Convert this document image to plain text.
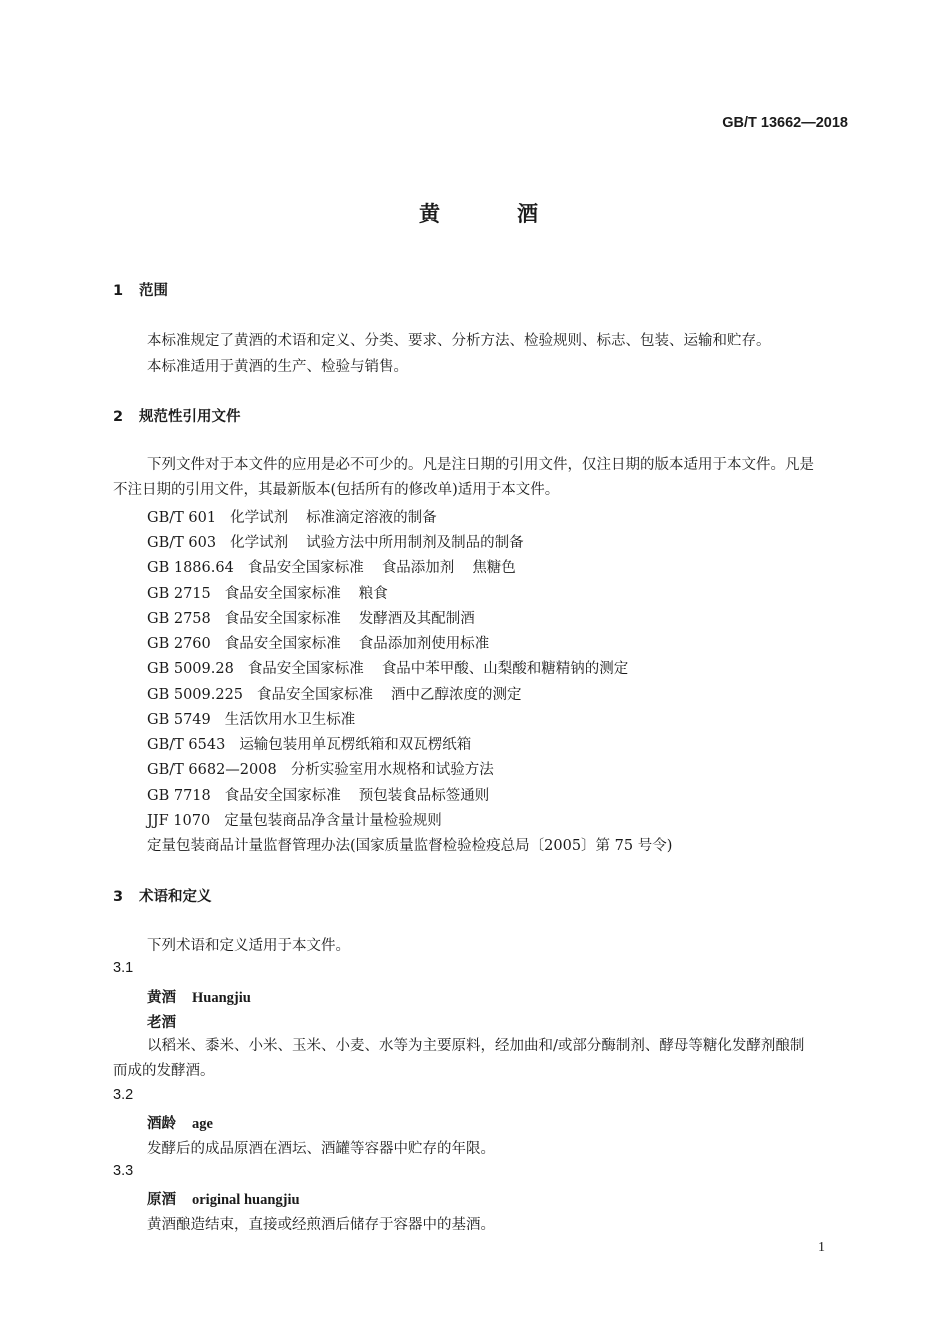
GB/T 13662—2018
黄	酒
1 范围
本标准规定了黄酒的术语和定义、分类、要求、分析方法、检验规则、标志、包装、运输和贮存。
本标准适用于黄酒的生产、检验与销售。
2 规范性引用文件
下列文件对于本文件的应用是必不可少的。凡是注日期的引用文件，仅注日期的版本适用于本文件。凡是不注日期的引用文件，其最新版本(包括所有的修改单)适用于本文件。
GB/T 601 化学试剂 标准滴定溶液的制备
GB/T 603 化学试剂 试验方法中所用制剂及制品的制备
GB 1886.64 食品安全国家标准 食品添加剂 焦糖色
GB 2715 食品安全国家标准 粮食
GB 2758 食品安全国家标准 发酵酒及其配制酒
GB 2760 食品安全国家标准 食品添加剂使用标准
GB 5009.28 食品安全国家标准 食品中苯甲酸、山梨酸和糖精钠的测定
GB 5009.225 食品安全国家标准 酒中乙醇浓度的测定
GB 5749 生活饮用水卫生标准
GB/T 6543 运输包装用单瓦楞纸箱和双瓦楞纸箱
GB/T 6682—2008 分析实验室用水规格和试验方法
GB 7718 食品安全国家标准 预包装食品标签通则
JJF 1070 定量包装商品净含量计量检验规则
定量包装商品计量监督管理办法(国家质量监督检验检疫总局〔2005〕第 75 号令)
3 术语和定义
下列术语和定义适用于本文件。
3.1
黄酒 Huangjiu
老酒
以稻米、黍米、小米、玉米、小麦、水等为主要原料，经加曲和/或部分酶制剂、酵母等糖化发酵剂酿制而成的发酵酒。
3.2
酒龄 age
发酵后的成品原酒在酒坛、酒罐等容器中贮存的年限。
3.3
原酒 original huangjiu
黄酒酿造结束，直接或经煎酒后储存于容器中的基酒。
1
